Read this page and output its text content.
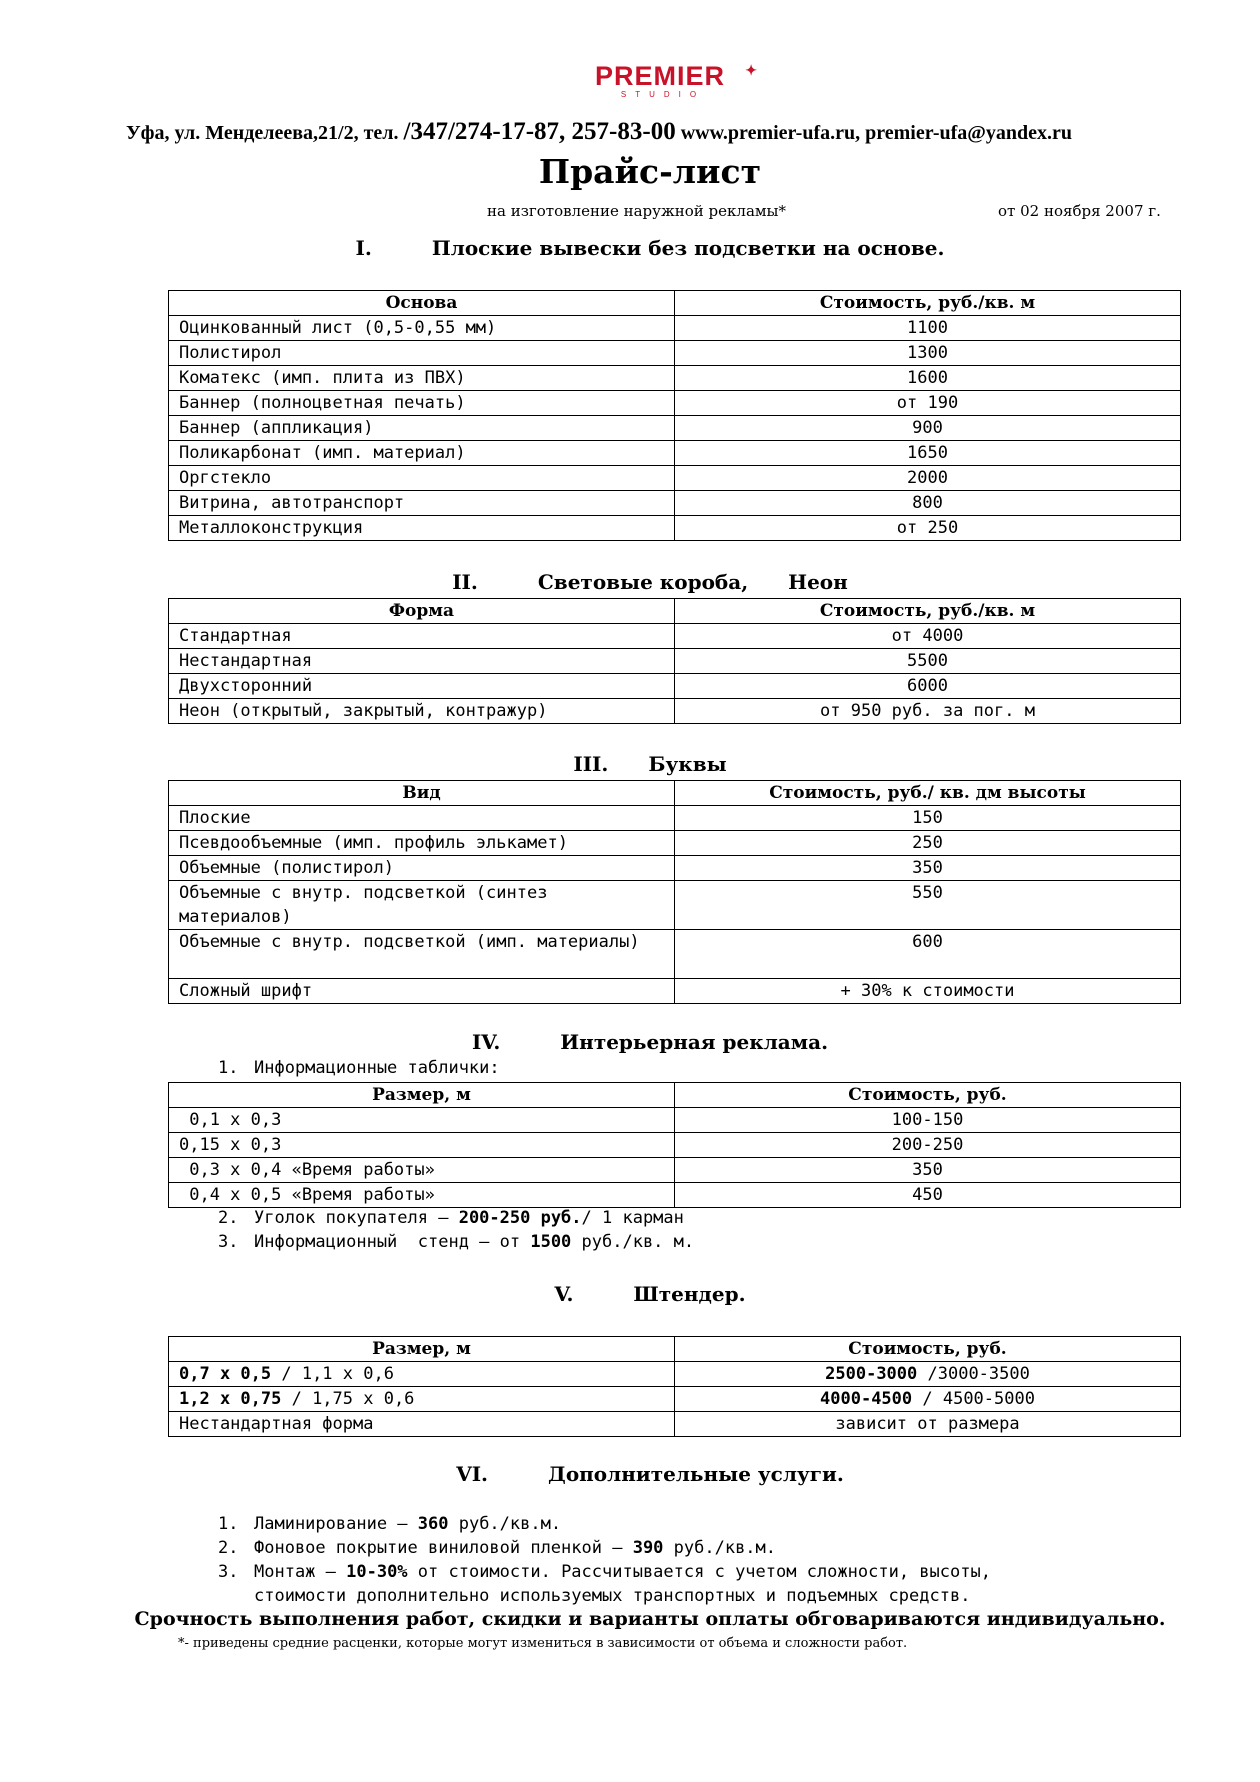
PREMIER ✦
STUDIO
Уфа, ул. Менделеева,21/2, тел. /347/274-17-87, 257-83-00 www.premier-ufa.ru, premier-ufa@yandex.ru
Прайс-лист
на изготовление наружной рекламы*	от 02 ноября 2007 г.
I.	Плоские вывески без подсветки на основе.
Основа	Стоимость, руб./кв. м
Оцинкованный лист (0,5-0,55 мм)	1100
Полистирол	1300
Коматекс (имп. плита из ПВХ)	1600
Баннер (полноцветная печать)	от 190
Баннер (аппликация)	900
Поликарбонат (имп. материал)	1650
Оргстекло	2000
Витрина, автотранспорт	800
Металлоконструкция	от 250
II.	Световые короба, Неон
Форма	Стоимость, руб./кв. м
Стандартная	от 4000
Нестандартная	5500
Двухсторонний	6000
Неон (открытый, закрытый, контражур)	от 950 руб. за пог. м
III. Буквы
Вид	Стоимость, руб./ кв. дм высоты
Плоские	150
Псевдообъемные (имп. профиль элькамет)	250
Объемные (полистирол)	350
Объемные с внутр. подсветкой (синтез материалов)	550
Объемные с внутр. подсветкой (имп. материалы)	600
Сложный шрифт	+ 30% к стоимости
IV.	Интерьерная реклама.
1. Информационные таблички:
Размер, м	Стоимость, руб.
0,1 х 0,3	100-150
0,15 х 0,3	200-250
0,3 х 0,4 «Время работы»	350
0,4 х 0,5 «Время работы»	450
2. Уголок покупателя – 200-250 руб./ 1 карман
3. Информационный  стенд – от 1500 руб./кв. м.
V.	Штендер.
Размер, м	Стоимость, руб.
0,7 х 0,5 / 1,1 х 0,6	2500-3000 /3000-3500
1,2 х 0,75 / 1,75 х 0,6	4000-4500 / 4500-5000
Нестандартная форма	зависит от размера
VI.	Дополнительные услуги.
1. Ламинирование – 360 руб./кв.м.
2. Фоновое покрытие виниловой пленкой – 390 руб./кв.м.
3. Монтаж – 10-30% от стоимости. Рассчитывается с учетом сложности, высоты,
стоимости дополнительно используемых транспортных и подъемных средств.
Срочность выполнения работ, скидки и варианты оплаты обговариваются индивидуально.
*- приведены средние расценки, которые могут измениться в зависимости от объема и сложности работ.
